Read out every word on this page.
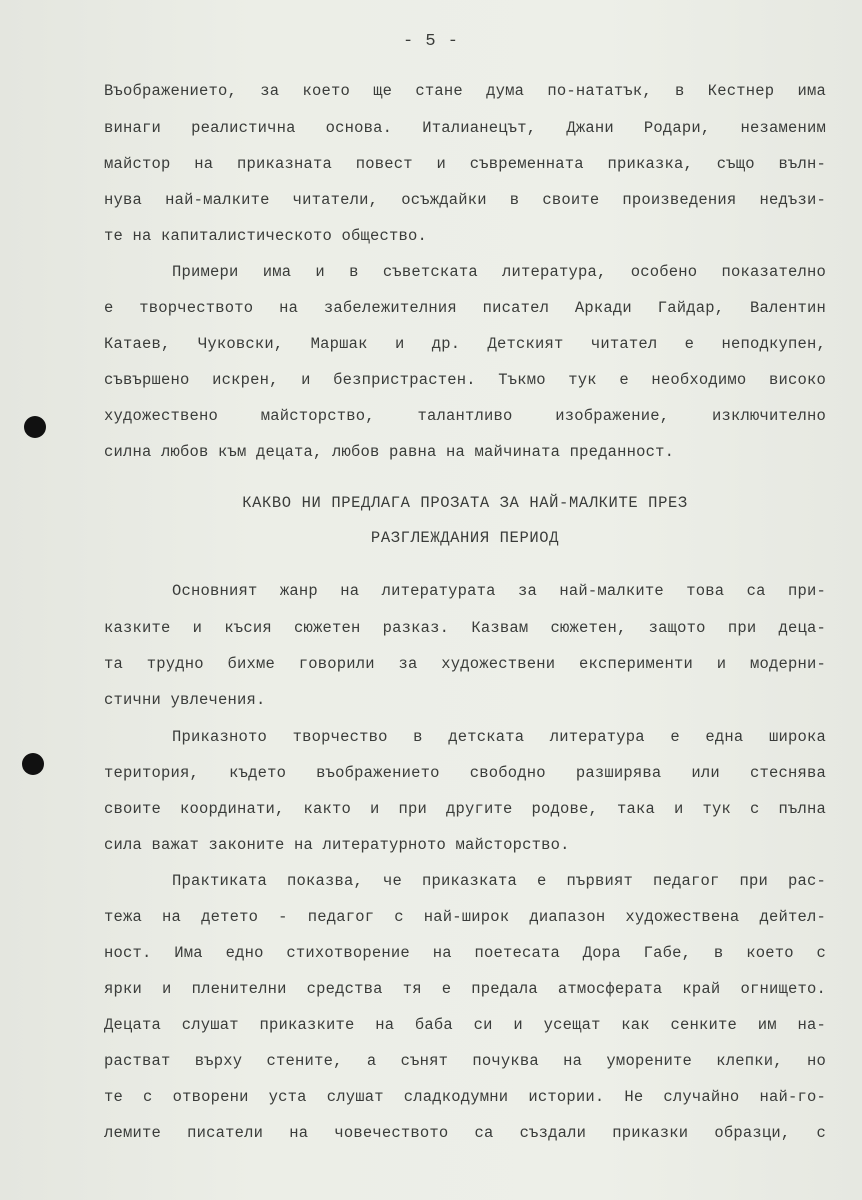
- 5 -
Въображението, за което ще стане дума по-нататък, в Кестнер има
винаги реалистична основа. Италианецът, Джани Родари, незаменим
майстор на приказната повест и съвременната приказка, също вълн-
нува най-малките читатели, осъждайки в своите произведения недъзи-
те на капиталистическото общество.
Примери има и в съветската литература, особено показателно
е творчеството на забележителния писател Аркади Гайдар, Валентин
Катаев, Чуковски, Маршак и др. Детският читател е неподкупен,
съвършено искрен, и безпристрастен. Тъкмо тук е необходимо високо
художествено майсторство, талантливо изображение, изключително
силна любов към децата, любов равна на майчината преданност.
КАКВО НИ ПРЕДЛАГА ПРОЗАТА ЗА НАЙ-МАЛКИТЕ ПРЕЗ
РАЗГЛЕЖДАНИЯ ПЕРИОД
Основният жанр на литературата за най-малките това са при-
казките и късия сюжетен разказ. Казвам сюжетен, защото при деца-
та трудно бихме говорили за художествени експерименти и модерни-
стични увлечения.
Приказното творчество в детската литература е една широка
територия, където въображението свободно разширява или стеснява
своите координати, както и при другите родове, така и тук с пълна
сила важат законите на литературното майсторство.
Практиката показва, че приказката е първият педагог при рас-
тежа на детето - педагог с най-широк диапазон художествена дейтел-
ност. Има едно стихотворение на поетесата Дора Габе, в което с
ярки и пленителни средства тя е предала атмосферата край огнището.
Децата слушат приказките на баба си и усещат как сенките им на-
растват върху стените, а сънят почуква на уморените клепки, но
те с отворени уста слушат сладкодумни истории. Не случайно най-го-
лемите писатели на човечеството са създали приказки образци, с
